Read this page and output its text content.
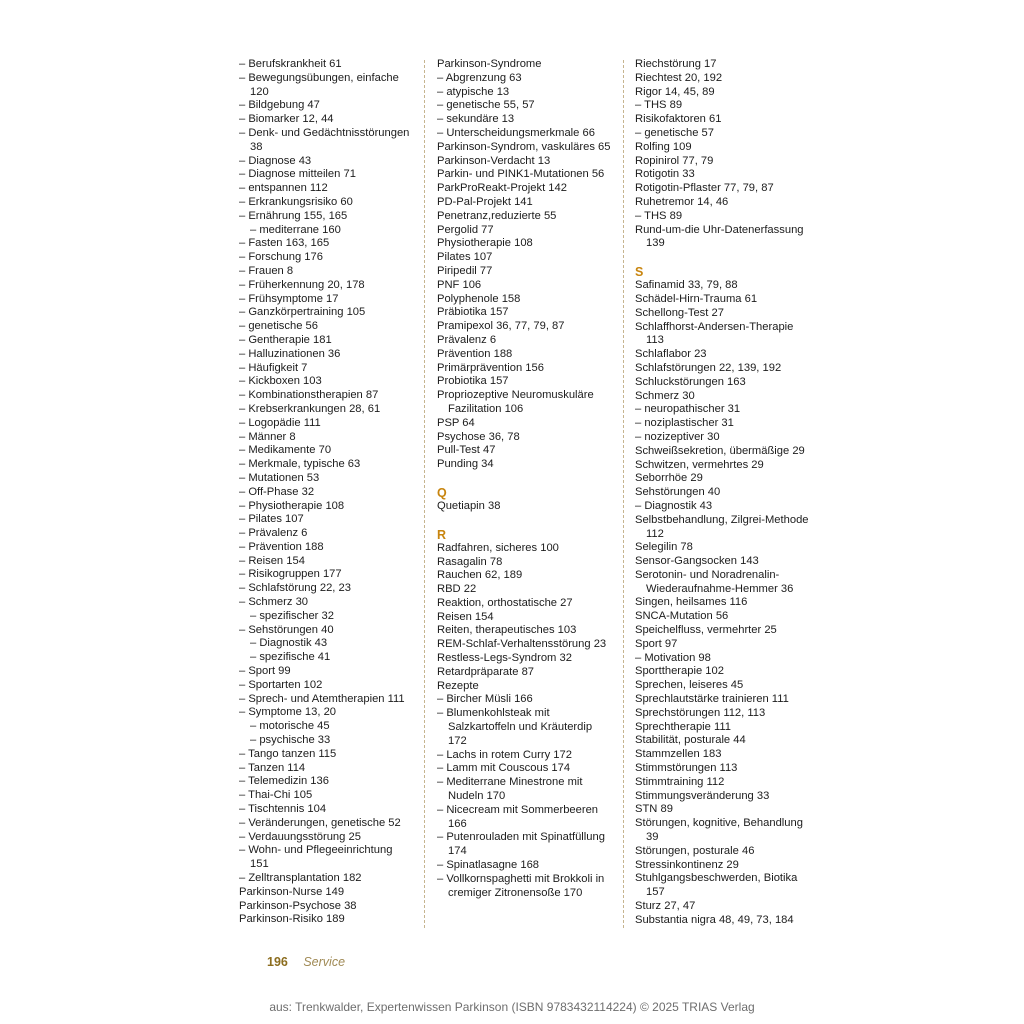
– Berufskrankheit 61

– Bewegungsübungen, einfache 120

– Bildgebung 47

– Biomarker 12, 44

– Denk- und Gedächtnisstörungen 38

– Diagnose 43

– Diagnose mitteilen 71

– entspannen 112

– Erkrankungsrisiko 60

– Ernährung 155, 165

– mediterrane 160

– Fasten 163, 165

– Forschung 176

– Frauen 8

– Früherkennung 20, 178

– Frühsymptome 17

– Ganzkörpertraining 105

– genetische 56

– Gentherapie 181

– Halluzinationen 36

– Häufigkeit 7

– Kickboxen 103

– Kombinationstherapien 87

– Krebserkrankungen 28, 61

– Logopädie 111

– Männer 8

– Medikamente 70

– Merkmale, typische 63

– Mutationen 53

– Off-Phase 32

– Physiotherapie 108

– Pilates 107

– Prävalenz 6

– Prävention 188

– Reisen 154

– Risikogruppen 177

– Schlafstörung 22, 23

– Schmerz 30

– spezifischer 32

– Sehstörungen 40

– Diagnostik 43

– spezifische 41

– Sport 99

– Sportarten 102

– Sprech- und Atemtherapien 111

– Symptome 13, 20

– motorische 45

– psychische 33

– Tango tanzen 115

– Tanzen 114

– Telemedizin 136

– Thai-Chi 105

– Tischtennis 104

– Veränderungen, genetische 52

– Verdauungsstörung 25

– Wohn- und Pflegeeinrichtung 151

– Zelltransplantation 182

Parkinson-Nurse 149

Parkinson-Psychose 38

Parkinson-Risiko 189

Parkinson-Syndrome

– Abgrenzung 63

– atypische 13

– genetische 55, 57

– sekundäre 13

– Unterscheidungsmerkmale 66

Parkinson-Syndrom, vaskuläres 65

Parkinson-Verdacht 13

Parkin- und PINK1-Mutationen 56

ParkProReakt-Projekt 142

PD-Pal-Projekt 141

Penetranz,reduzierte 55

Pergolid 77

Physiotherapie 108

Pilates 107

Piripedil 77

PNF 106

Polyphenole 158

Präbiotika 157

Pramipexol 36, 77, 79, 87

Prävalenz 6

Prävention 188

Primärprävention 156

Probiotika 157

Propriozeptive Neuromuskuläre Fazilitation 106

PSP 64

Psychose 36, 78

Pull-Test 47

Punding 34

Q

Quetiapin 38

R

Radfahren, sicheres 100

Rasagalin 78

Rauchen 62, 189

RBD 22

Reaktion, orthostatische 27

Reisen 154

Reiten, therapeutisches 103

REM-Schlaf-Verhaltensstörung 23

Restless-Legs-Syndrom 32

Retardpräparate 87

Rezepte

– Bircher Müsli 166

– Blumenkohlsteak mit Salzkartoffeln und Kräuterdip 172

– Lachs in rotem Curry 172

– Lamm mit Couscous 174

– Mediterrane Minestrone mit Nudeln 170

– Nicecream mit Sommerbeeren 166

– Putenrouladen mit Spinatfüllung 174

– Spinatlasagne 168

– Vollkornspaghetti mit Brokkoli in cremiger Zitronensoße 170

Riechstörung 17

Riechtest 20, 192

Rigor 14, 45, 89

– THS 89

Risikofaktoren 61

– genetische 57

Rolfing 109

Ropinirol 77, 79

Rotigotin 33

Rotigotin-Pflaster 77, 79, 87

Ruhetremor 14, 46

– THS 89

Rund-um-die Uhr-Datenerfassung 139

S

Safinamid 33, 79, 88

Schädel-Hirn-Trauma 61

Schellong-Test 27

Schlaffhorst-Andersen-Therapie 113

Schlaflabor 23

Schlafstörungen 22, 139, 192

Schluckstörungen 163

Schmerz 30

– neuropathischer 31

– noziplastischer 31

– nozizeptiver 30

Schweißsekretion, übermäßige 29

Schwitzen, vermehrtes 29

Seborrhöe 29

Sehstörungen 40

– Diagnostik 43

Selbstbehandlung, Zilgrei-Methode 112

Selegilin 78

Sensor-Gangsocken 143

Serotonin- und Noradrenalin-Wiederaufnahme-Hemmer 36

Singen, heilsames 116

SNCA-Mutation 56

Speichelfluss, vermehrter 25

Sport 97

– Motivation 98

Sporttherapie 102

Sprechen, leiseres 45

Sprechlautstärke trainieren 111

Sprechstörungen 112, 113

Sprechtherapie 111

Stabilität, posturale 44

Stammzellen 183

Stimmstörungen 113

Stimmtraining 112

Stimmungsveränderung 33

STN 89

Störungen, kognitive, Behandlung 39

Störungen, posturale 46

Stressinkontinenz 29

Stuhlgangsbeschwerden, Biotika 157

Sturz 27, 47

Substantia nigra 48, 49, 73, 184

196 Service
aus: Trenkwalder, Expertenwissen Parkinson (ISBN 9783432114224) © 2025 TRIAS Verlag
